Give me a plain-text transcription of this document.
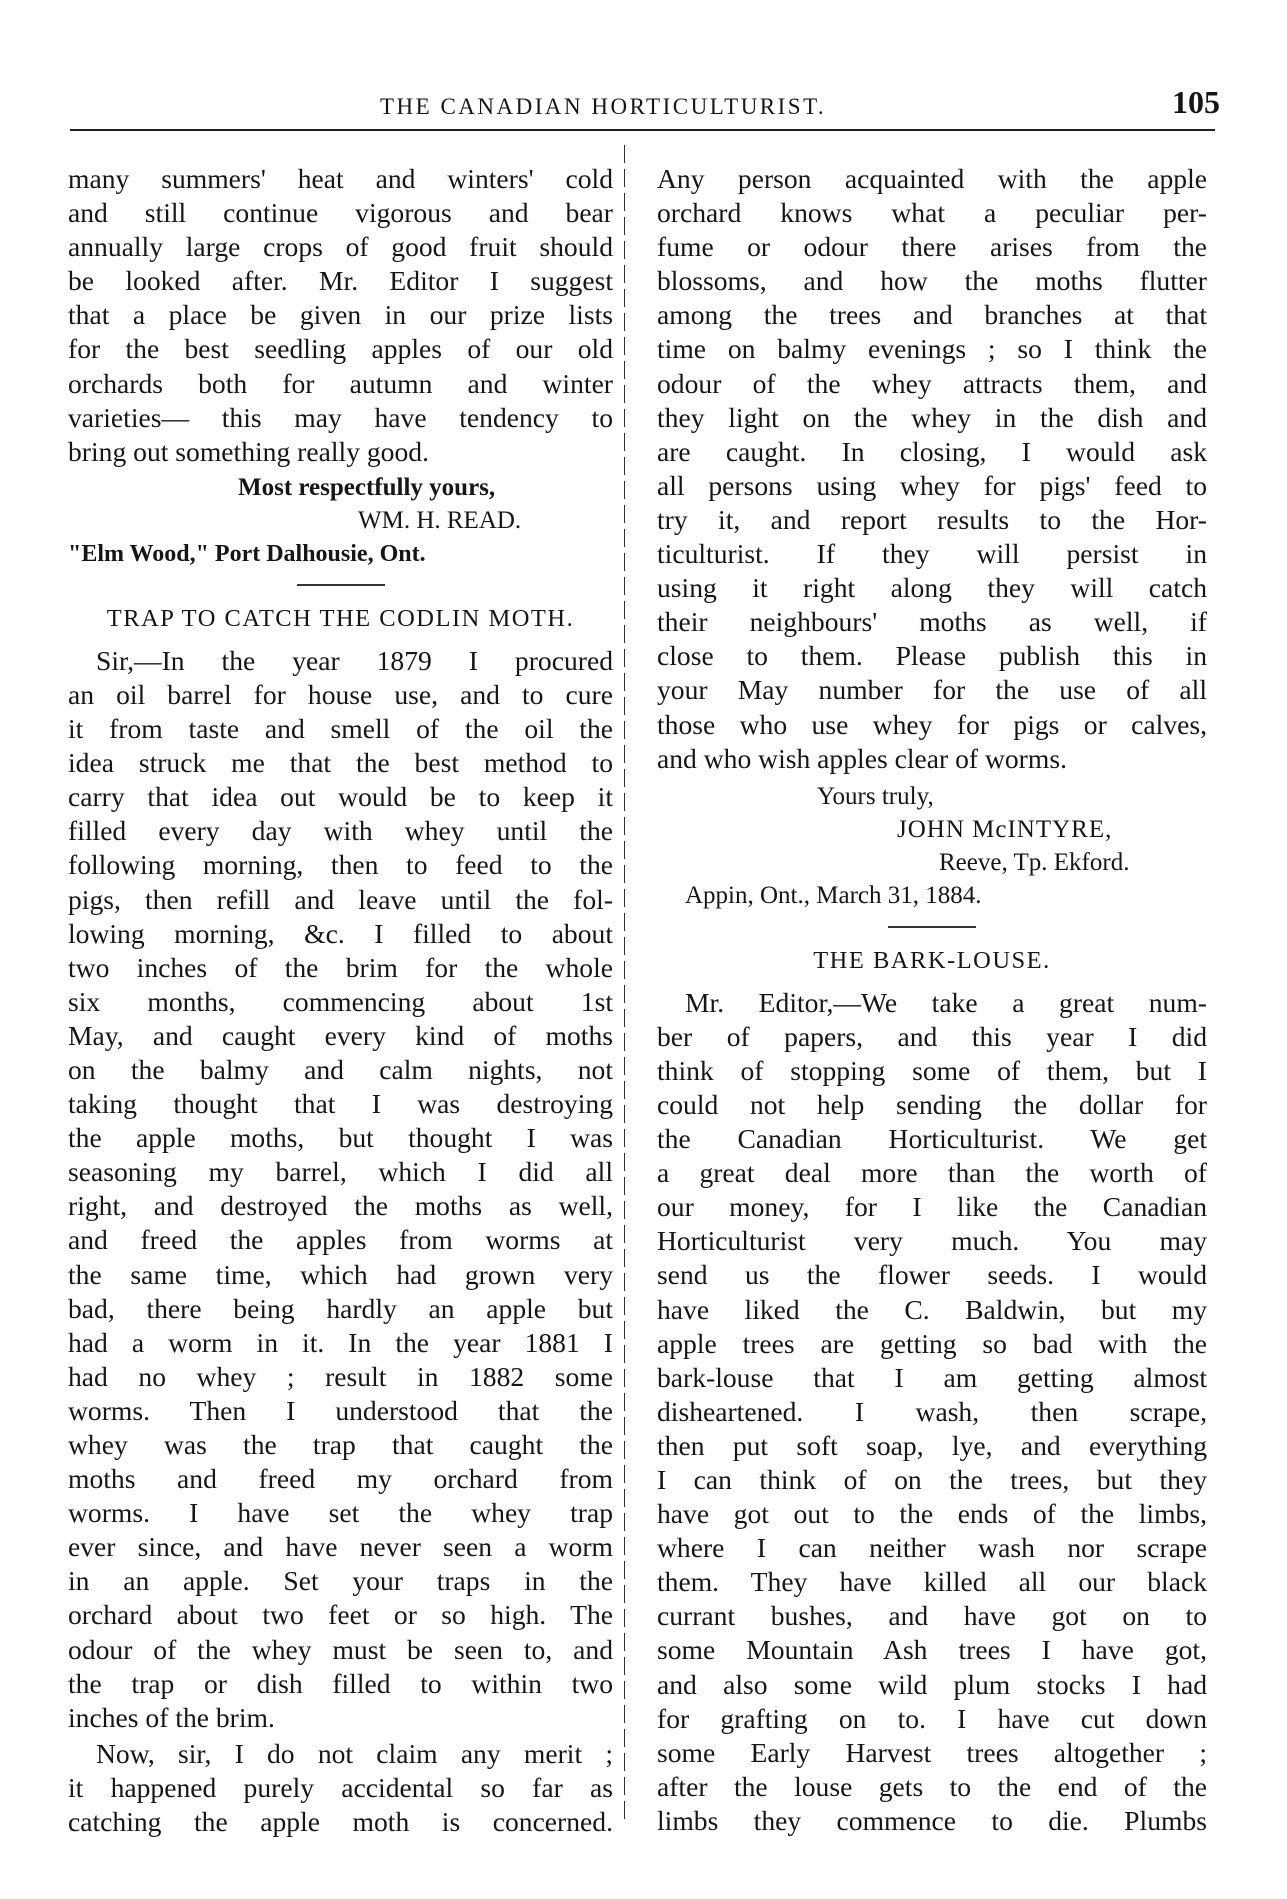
THE CANADIAN HORTICULTURIST.	105
many summers' heat and winters' cold
and still continue vigorous and bear
annually large crops of good fruit should
be looked after. Mr. Editor I suggest
that a place be given in our prize lists
for the best seedling apples of our old
orchards both for autumn and winter
varieties— this may have tendency to
bring out something really good.
Most respectfully yours,
WM. H. READ.
"Elm Wood," Port Dalhousie, Ont.
TRAP TO CATCH THE CODLIN MOTH.
Sir,—In the year 1879 I procured
an oil barrel for house use, and to cure
it from taste and smell of the oil the
idea struck me that the best method to
carry that idea out would be to keep it
filled every day with whey until the
following morning, then to feed to the
pigs, then refill and leave until the fol-
lowing morning, &c. I filled to about
two inches of the brim for the whole
six months, commencing about 1st
May, and caught every kind of moths
on the balmy and calm nights, not
taking thought that I was destroying
the apple moths, but thought I was
seasoning my barrel, which I did all
right, and destroyed the moths as well,
and freed the apples from worms at
the same time, which had grown very
bad, there being hardly an apple but
had a worm in it. In the year 1881 I
had no whey ; result in 1882 some
worms. Then I understood that the
whey was the trap that caught the
moths and freed my orchard from
worms. I have set the whey trap
ever since, and have never seen a worm
in an apple. Set your traps in the
orchard about two feet or so high. The
odour of the whey must be seen to, and
the trap or dish filled to within two
inches of the brim.
Now, sir, I do not claim any merit ;
it happened purely accidental so far as
catching the apple moth is concerned.
Any person acquainted with the apple
orchard knows what a peculiar per-
fume or odour there arises from the
blossoms, and how the moths flutter
among the trees and branches at that
time on balmy evenings ; so I think the
odour of the whey attracts them, and
they light on the whey in the dish and
are caught. In closing, I would ask
all persons using whey for pigs' feed to
try it, and report results to the Hor-
ticulturist. If they will persist in
using it right along they will catch
their neighbours' moths as well, if
close to them. Please publish this in
your May number for the use of all
those who use whey for pigs or calves,
and who wish apples clear of worms.
Yours truly,
JOHN McINTYRE,
Reeve, Tp. Ekford.
Appin, Ont., March 31, 1884.
THE BARK-LOUSE.
Mr. Editor,—We take a great num-
ber of papers, and this year I did
think of stopping some of them, but I
could not help sending the dollar for
the Canadian Horticulturist. We get
a great deal more than the worth of
our money, for I like the Canadian
Horticulturist very much. You may
send us the flower seeds. I would
have liked the C. Baldwin, but my
apple trees are getting so bad with the
bark-louse that I am getting almost
disheartened. I wash, then scrape,
then put soft soap, lye, and everything
I can think of on the trees, but they
have got out to the ends of the limbs,
where I can neither wash nor scrape
them. They have killed all our black
currant bushes, and have got on to
some Mountain Ash trees I have got,
and also some wild plum stocks I had
for grafting on to. I have cut down
some Early Harvest trees altogether ;
after the louse gets to the end of the
limbs they commence to die. Plumbs
